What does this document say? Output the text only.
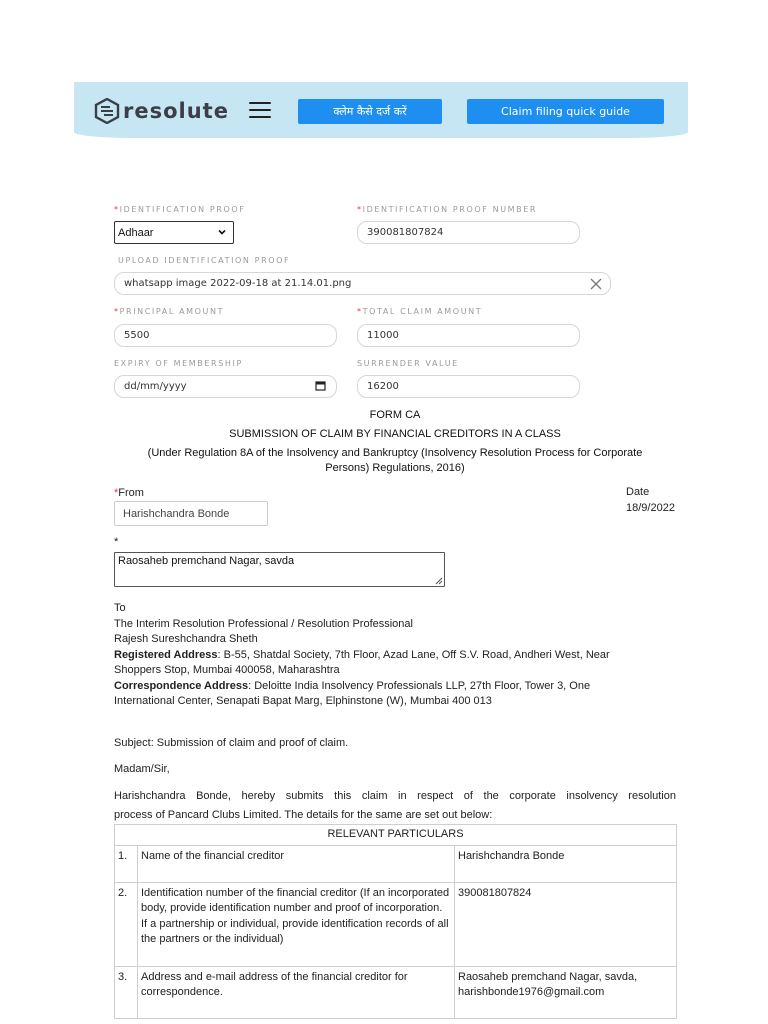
resolute	क्लेम कैसे दर्ज करें	Claim filing quick guide
*IDENTIFICATION PROOF
Adhaar
*IDENTIFICATION PROOF NUMBER
390081807824
UPLOAD IDENTIFICATION PROOF
whatsapp image 2022-09-18 at 21.14.01.png
*PRINCIPAL AMOUNT
5500
*TOTAL CLAIM AMOUNT
11000
EXPIRY OF MEMBERSHIP
dd/mm/yyyy
SURRENDER VALUE
16200
FORM CA
SUBMISSION OF CLAIM BY FINANCIAL CREDITORS IN A CLASS
(Under Regulation 8A of the Insolvency and Bankruptcy (Insolvency Resolution Process for Corporate
Persons) Regulations, 2016)
*From
Harishchandra Bonde
Date
18/9/2022
*
Raosaheb premchand Nagar, savda
To
The Interim Resolution Professional / Resolution Professional
Rajesh Sureshchandra Sheth
Registered Address: B-55, Shatdal Society, 7th Floor, Azad Lane, Off S.V. Road, Andheri West, Near
Shoppers Stop, Mumbai 400058, Maharashtra
Correspondence Address: Deloitte India Insolvency Professionals LLP, 27th Floor, Tower 3, One
International Center, Senapati Bapat Marg, Elphinstone (W), Mumbai 400 013
Subject: Submission of claim and proof of claim.
Madam/Sir,
Harishchandra Bonde, hereby submits this claim in respect of the corporate insolvency resolution
process of Pancard Clubs Limited. The details for the same are set out below:
RELEVANT PARTICULARS		
1.	Name of the financial creditor	Harishchandra Bonde
2.	Identification number of the financial creditor (If an incorporated body, provide identification number and proof of incorporation. If a partnership or individual, provide identification records of all the partners or the individual)	390081807824
3.	Address and e-mail address of the financial creditor for correspondence.	Raosaheb premchand Nagar, savda, harishbonde1976@gmail.com
